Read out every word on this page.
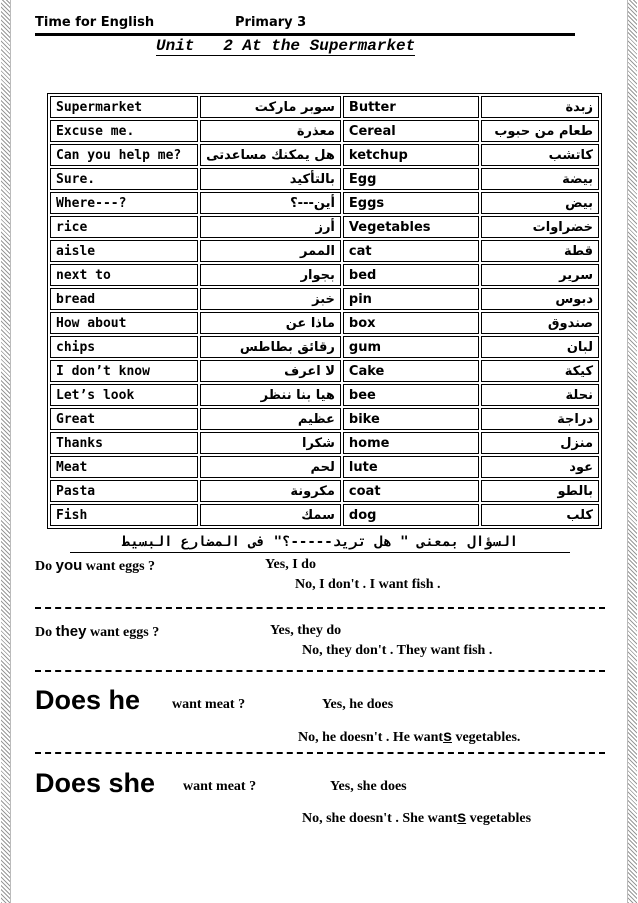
Time for English	Primary 3
Unit   2 At the Supermarket
Supermarket	سوبر ماركت	Butter	زبدة
Excuse me.	معذرة	Cereal	طعام من حبوب
Can you help me?	هل يمكنك مساعدتى	ketchup	كاتشب
Sure.	بالتأكيد	Egg	بيضة
Where---?	أين---؟	Eggs	بيض
rice	أرز	Vegetables	خضراوات
aisle	الممر	cat	قطة
next to	بجوار	bed	سرير
bread	خبز	pin	دبوس
How about	ماذا عن	box	صندوق
chips	رقائق بطاطس	gum	لبان
I don’t know	لا اعرف	Cake	كيكة
Let’s look	هيا بنا ننظر	bee	نحلة
Great	عظيم	bike	دراجة
Thanks	شكرا	home	منزل
Meat	لحم	lute	عود
Pasta	مكرونة	coat	بالطو
Fish	سمك	dog	كلب
السؤال بمعنى " هل تريد-----؟" فى المضارع البسيط
Do you want eggs ?	Yes, I do
No, I don't . I want fish .
Do they want eggs ?	Yes, they do
No, they don't . They want fish .
Does he want meat ?	Yes, he does
No, he doesn't . He wants vegetables.
Does she want meat ?	Yes, she does
No, she doesn't . She wants vegetables
